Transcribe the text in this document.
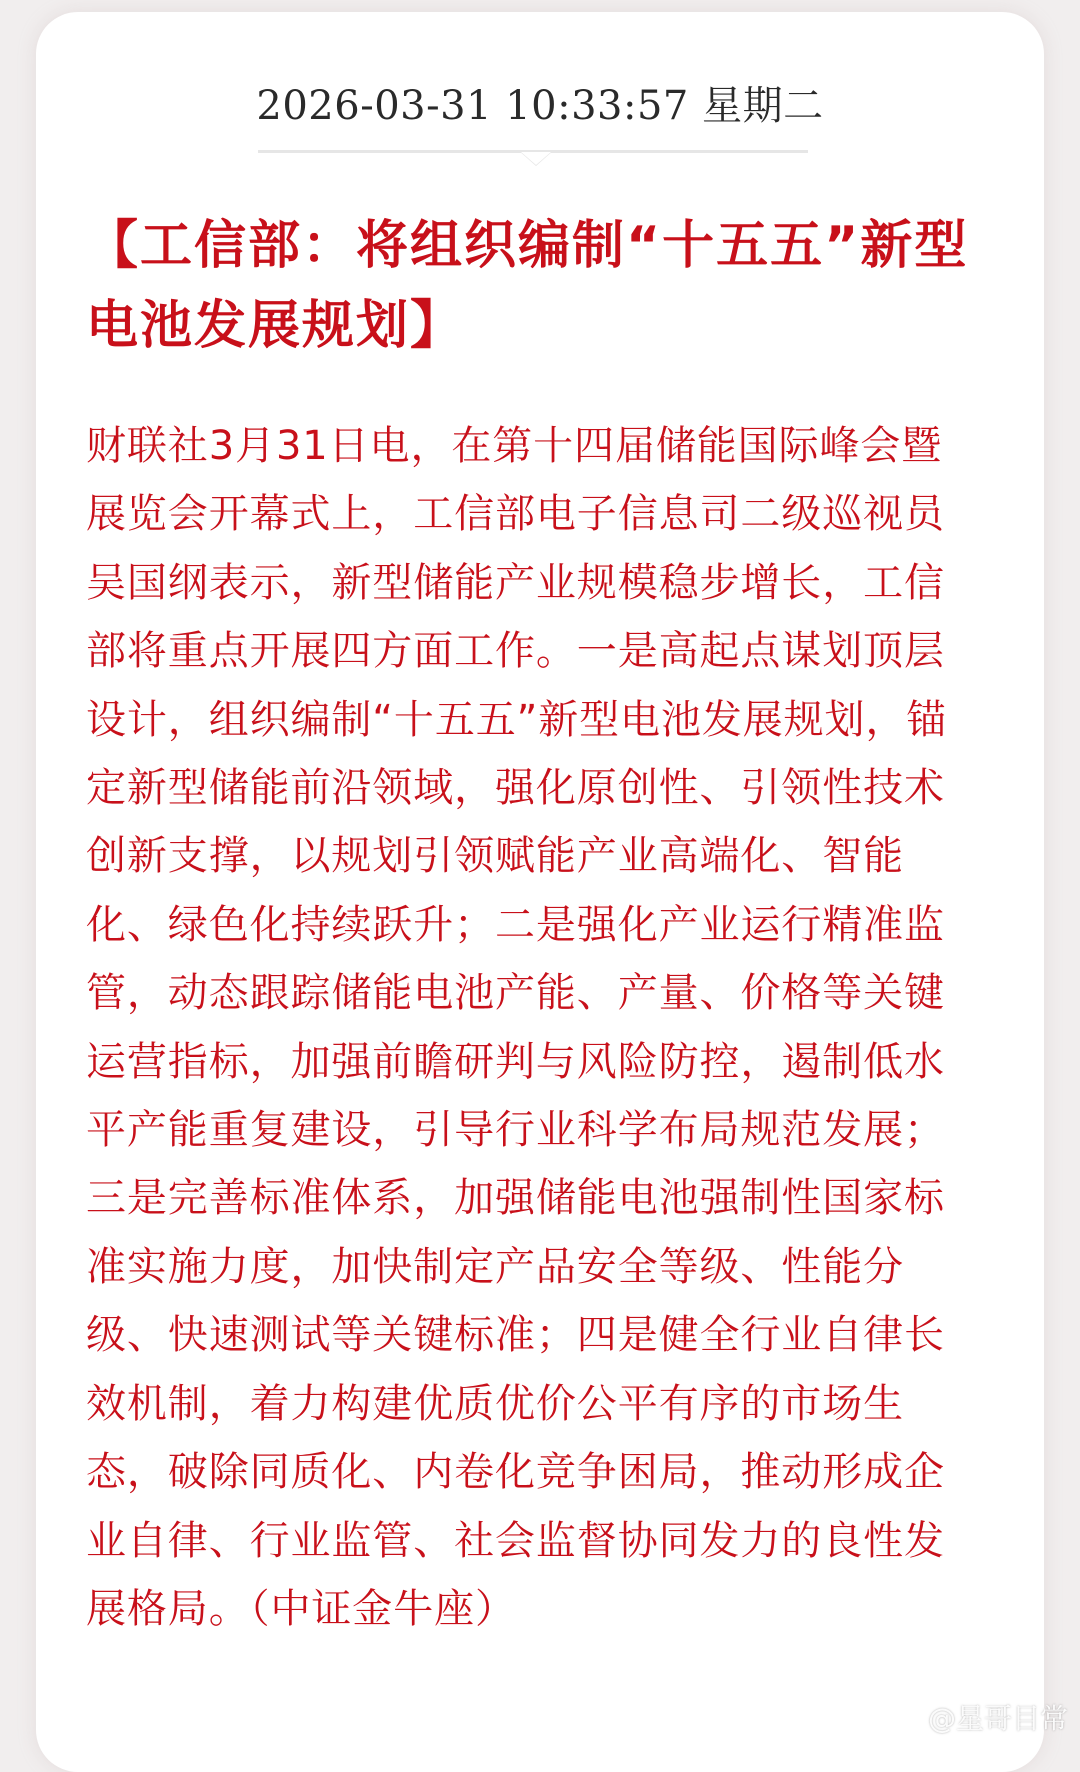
2026-03-31 10:33:57 星期二
【工信部：将组织编制“十五五”新型电池发展规划】

财联社3月31日电，在第十四届储能国际峰会暨展览会开幕式上，工信部电子信息司二级巡视员吴国纲表示，新型储能产业规模稳步增长，工信部将重点开展四方面工作。一是高起点谋划顶层设计，组织编制“十五五”新型电池发展规划，锚定新型储能前沿领域，强化原创性、引领性技术创新支撑，以规划引领赋能产业高端化、智能化、绿色化持续跃升；二是强化产业运行精准监管，动态跟踪储能电池产能、产量、价格等关键运营指标，加强前瞻研判与风险防控，遏制低水平产能重复建设，引导行业科学布局规范发展；三是完善标准体系，加强储能电池强制性国家标准实施力度，加快制定产品安全等级、性能分级、快速测试等关键标准；四是健全行业自律长效机制，着力构建优质优价公平有序的市场生态，破除同质化、内卷化竞争困局，推动形成企业自律、行业监管、社会监督协同发力的良性发展格局。（中证金牛座）

@星哥目常
